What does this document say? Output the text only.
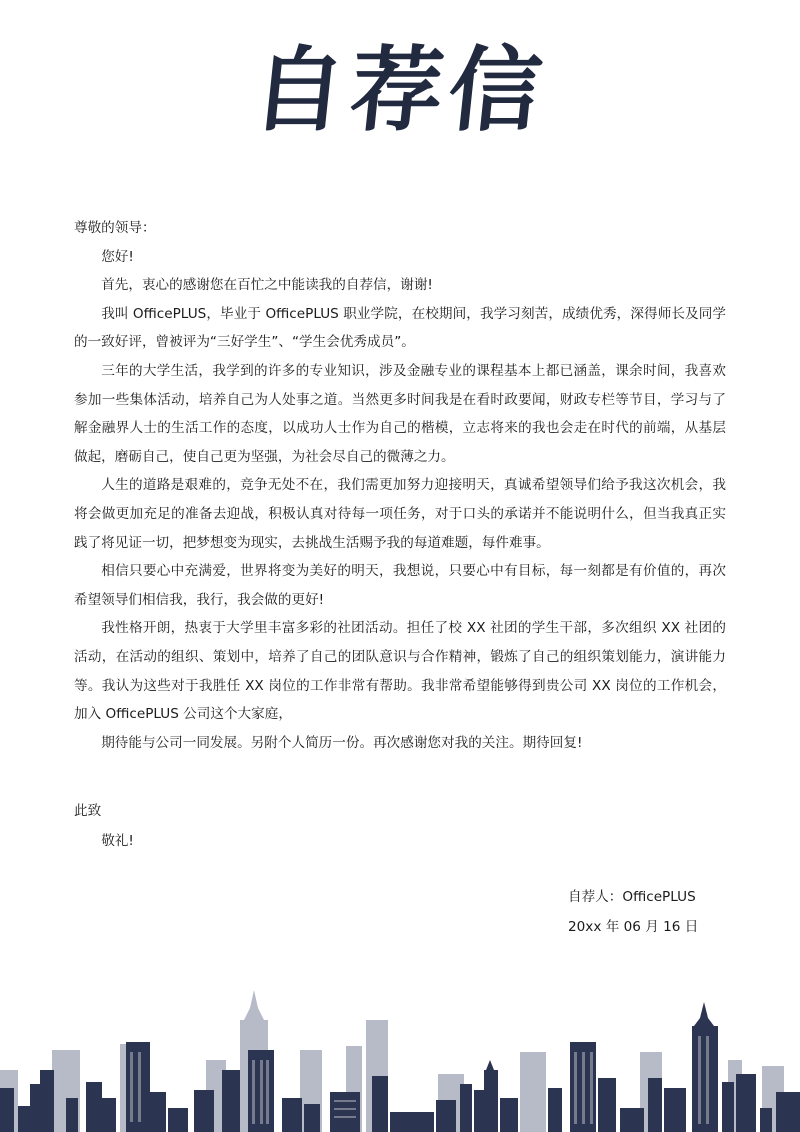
自荐信

尊敬的领导：

您好!

首先，衷心的感谢您在百忙之中能读我的自荐信，谢谢!

我叫 OfficePLUS，毕业于 OfficePLUS 职业学院，在校期间，我学习刻苦，成绩优秀，深得师长及同学的一致好评，曾被评为“三好学生”、“学生会优秀成员”。

三年的大学生活，我学到的许多的专业知识，涉及金融专业的课程基本上都已涵盖，课余时间，我喜欢参加一些集体活动，培养自己为人处事之道。当然更多时间我是在看时政要闻，财政专栏等节目，学习与了解金融界人士的生活工作的态度，以成功人士作为自己的楷模，立志将来的我也会走在时代的前端，从基层做起，磨砺自己，使自己更为坚强，为社会尽自己的微薄之力。

人生的道路是艰难的，竞争无处不在，我们需更加努力迎接明天，真诚希望领导们给予我这次机会，我将会做更加充足的准备去迎战，积极认真对待每一项任务，对于口头的承诺并不能说明什么，但当我真正实践了将见证一切，把梦想变为现实，去挑战生活赐予我的每道难题，每件难事。

相信只要心中充满爱，世界将变为美好的明天，我想说，只要心中有目标，每一刻都是有价值的，再次希望领导们相信我，我行，我会做的更好!

我性格开朗，热衷于大学里丰富多彩的社团活动。担任了校 XX 社团的学生干部，多次组织 XX 社团的活动，在活动的组织、策划中，培养了自己的团队意识与合作精神，锻炼了自己的组织策划能力，演讲能力等。我认为这些对于我胜任 XX 岗位的工作非常有帮助。我非常希望能够得到贵公司 XX 岗位的工作机会，加入 OfficePLUS 公司这个大家庭，

期待能与公司一同发展。另附个人简历一份。再次感谢您对我的关注。期待回复!

此致

敬礼!

自荐人：OfficePLUS

20xx 年 06 月 16 日
